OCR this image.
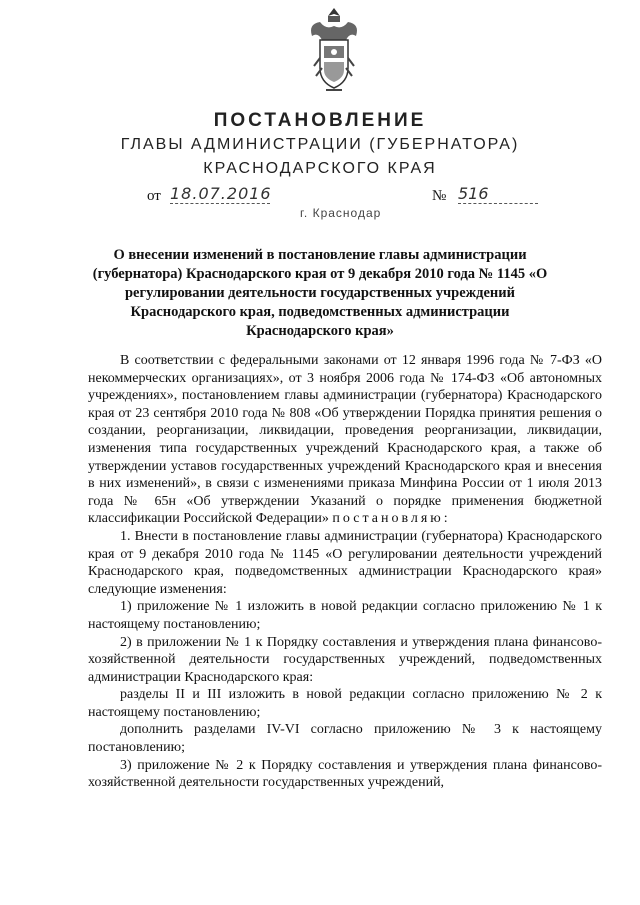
ПОСТАНОВЛЕНИЕ
ГЛАВЫ АДМИНИСТРАЦИИ (ГУБЕРНАТОРА)
КРАСНОДАРСКОГО КРАЯ
от 18.07.2016	№ 516
г. Краснодар
О внесении изменений в постановление главы администрации (губернатора) Краснодарского края от 9 декабря 2010 года № 1145 «О регулировании деятельности государственных учреждений Краснодарского края, подведомственных администрации Краснодарского края»

В соответствии с федеральными законами от 12 января 1996 года № 7-ФЗ «О некоммерческих организациях», от 3 ноября 2006 года № 174-ФЗ «Об автономных учреждениях», постановлением главы администрации (губернатора) Краснодарского края от 23 сентября 2010 года № 808 «Об утверждении Порядка принятия решения о создании, реорганизации, ликвидации, проведения реорганизации, ликвидации, изменения типа государственных учреждений Краснодарского края, а также об утверждении уставов государственных учреждений Краснодарского края и внесения в них изменений», в связи с изменениями приказа Минфина России от 1 июля 2013 года № 65н «Об утверждении Указаний о порядке применения бюджетной классификации Российской Федерации» постановляю:

1. Внести в постановление главы администрации (губернатора) Краснодарского края от 9 декабря 2010 года № 1145 «О регулировании деятельности учреждений Краснодарского края, подведомственных администрации Краснодарского края» следующие изменения:

1) приложение № 1 изложить в новой редакции согласно приложению № 1 к настоящему постановлению;

2) в приложении № 1 к Порядку составления и утверждения плана финансово-хозяйственной деятельности государственных учреждений, подведомственных администрации Краснодарского края:

разделы II и III изложить в новой редакции согласно приложению № 2 к настоящему постановлению;

дополнить разделами IV-VI согласно приложению № 3 к настоящему постановлению;

3) приложение № 2 к Порядку составления и утверждения плана финансово-хозяйственной деятельности государственных учреждений,
